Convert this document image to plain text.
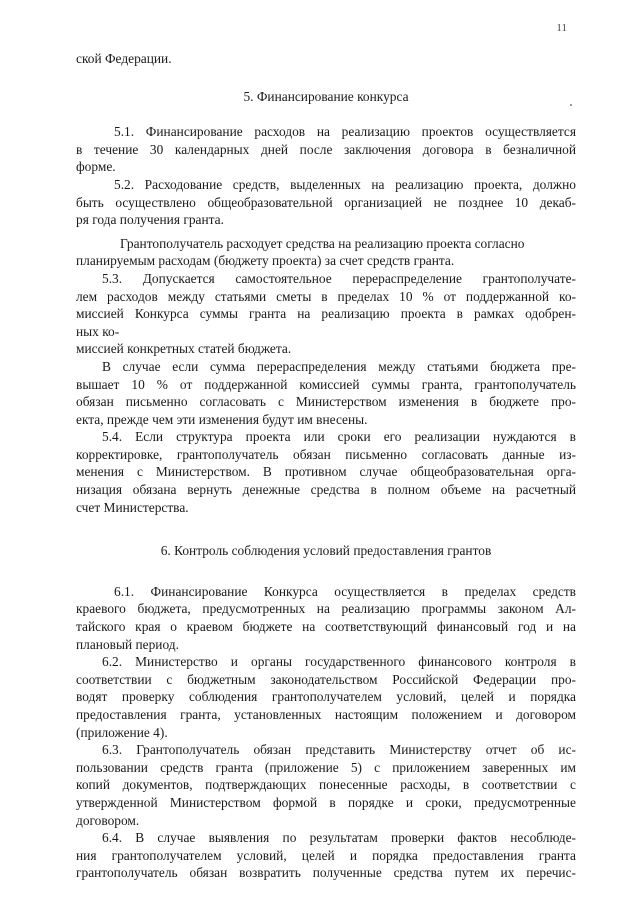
11
ской Федерации.
5. Финансирование конкурса
5.1. Финансирование расходов на реализацию проектов осуществляется
в течение 30 календарных дней после заключения договора в безналичной
форме.
5.2. Расходование средств, выделенных на реализацию проекта, должно
быть осуществлено общеобразовательной организацией не позднее 10 декаб-
ря года получения гранта.
Грантополучатель расходует средства на реализацию проекта согласно
планируемым расходам (бюджету проекта) за счет средств гранта.
5.3. Допускается самостоятельное перераспределение грантополучате-
лем расходов между статьями сметы в пределах 10 % от поддержанной ко-
миссией Конкурса суммы гранта на реализацию проекта в рамках одобрен-
ных ко-
миссией конкретных статей бюджета.
В случае если сумма перераспределения между статьями бюджета пре-
вышает 10 % от поддержанной комиссией суммы гранта, грантополучатель
обязан письменно согласовать с Министерством изменения в бюджете про-
екта, прежде чем эти изменения будут им внесены.
5.4. Если структура проекта или сроки его реализации нуждаются в
корректировке, грантополучатель обязан письменно согласовать данные из-
менения с Министерством. В противном случае общеобразовательная орга-
низация обязана вернуть денежные средства в полном объеме на расчетный
счет Министерства.
6. Контроль соблюдения условий предоставления грантов
6.1. Финансирование Конкурса осуществляется в пределах средств
краевого бюджета, предусмотренных на реализацию программы законом Ал-
тайского края о краевом бюджете на соответствующий финансовый год и на
плановый период.
6.2. Министерство и органы государственного финансового контроля в
соответствии с бюджетным законодательством Российской Федерации про-
водят проверку соблюдения грантополучателем условий, целей и порядка
предоставления гранта, установленных настоящим положением и договором
(приложение 4).
6.3. Грантополучатель обязан представить Министерству отчет об ис-
пользовании средств гранта (приложение 5) с приложением заверенных им
копий документов, подтверждающих понесенные расходы, в соответствии с
утвержденной Министерством формой в порядке и сроки, предусмотренные
договором.
6.4. В случае выявления по результатам проверки фактов несоблюде-
ния грантополучателем условий, целей и порядка предоставления гранта
грантополучатель обязан возвратить полученные средства путем их перечис-
